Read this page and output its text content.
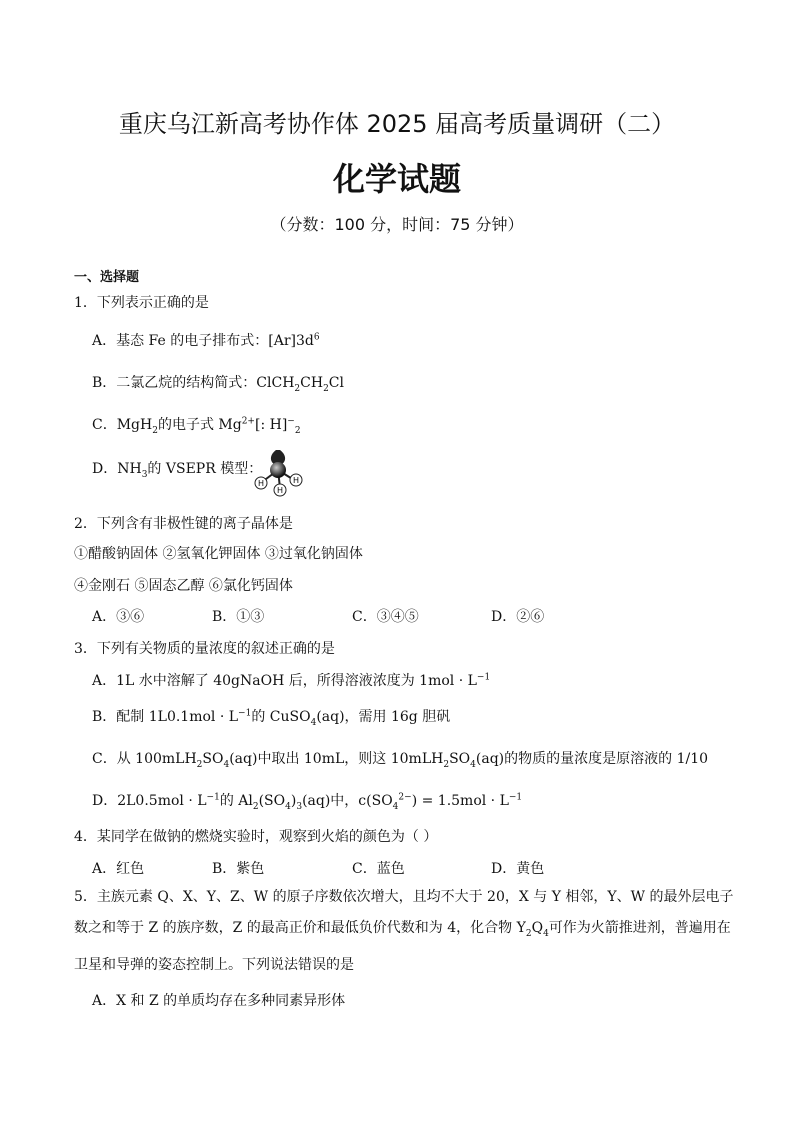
重庆乌江新高考协作体 2025 届高考质量调研（二）
化学试题
（分数：100 分，时间：75 分钟）
一、选择题
1．下列表示正确的是
A．基态 Fe 的电子排布式：$[Ar]3d^6$
B．二氯乙烷的结构简式：$ClCH_2CH_2Cl$
C．MgH$_2$的电子式 $Mg^{2+}$[: $H]^-_2$
D．$NH_3$的 VSEPR 模型：
H	H
H
2．下列含有非极性键的离子晶体是
①醋酸钠固体 ②氢氧化钾固体 ③过氧化钠固体
④金刚石 ⑤固态乙醇 ⑥氯化钙固体
A．③⑥	B．①③	C．③④⑤	D．②⑥
3．下列有关物质的量浓度的叙述正确的是
A．1L 水中溶解了 40gNaOH 后，所得溶液浓度为 $1mol \cdot L^{-1}$
B．配制 $1L0.1mol \cdot L^{-1}$的 CuSO$_4$(aq)，需用 16g 胆矾
C．从 $100mLH_2SO_4(aq)$中取出 10mL，则这 $10mLH_2SO_4(aq)$的物质的量浓度是原溶液的 1/10
D．$2L0.5mol \cdot L^{-1}$的 $Al_2(SO_4)_3(aq)$中，$c(SO_4^{2-}) = 1.5mol \cdot L^{-1}$
4．某同学在做钠的燃烧实验时，观察到火焰的颜色为（ ）
A．红色	B．紫色	C．蓝色	D．黄色
5．主族元素 Q、X、Y、Z、W 的原子序数依次增大，且均不大于 20，X 与 Y 相邻，Y、W 的最外层电子数之和等于 Z 的族序数，Z 的最高正价和最低负价代数和为 4，化合物 $Y_2Q_4$可作为火箭推进剂，普遍用在卫星和导弹的姿态控制上。下列说法错误的是
A．X 和 Z 的单质均存在多种同素异形体
